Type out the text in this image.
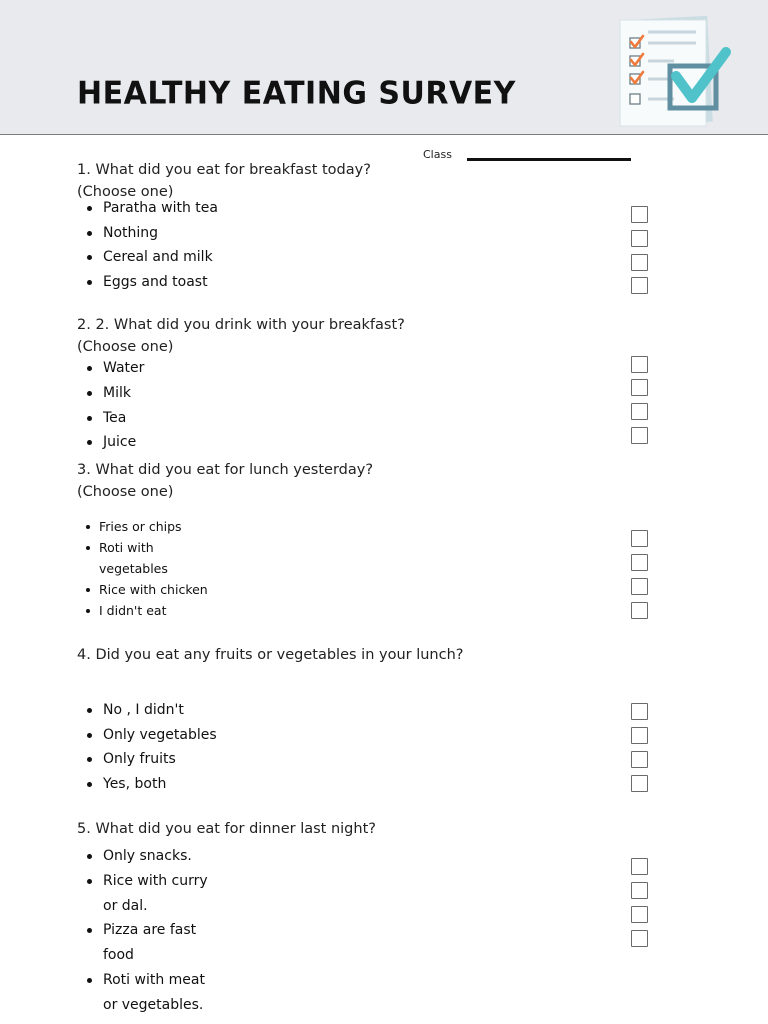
HEALTHY EATING SURVEY
Class

1. What did you eat for breakfast today?
(Choose one)

Paratha with tea
Nothing
Cereal and milk
Eggs and toast

2. 2. What did you drink with your breakfast?
(Choose one)

Water
Milk
Tea
Juice

3. What did you eat for lunch yesterday?
(Choose one)

Fries or chips
Roti with
vegetables
Rice with chicken
I didn't eat

4. Did you eat any fruits or vegetables in your lunch?

No , I didn't
Only vegetables
Only fruits
Yes, both

5. What did you eat for dinner last night?

Only snacks.
Rice with curry
or dal.
Pizza are fast
food
Roti with meat
or vegetables.
